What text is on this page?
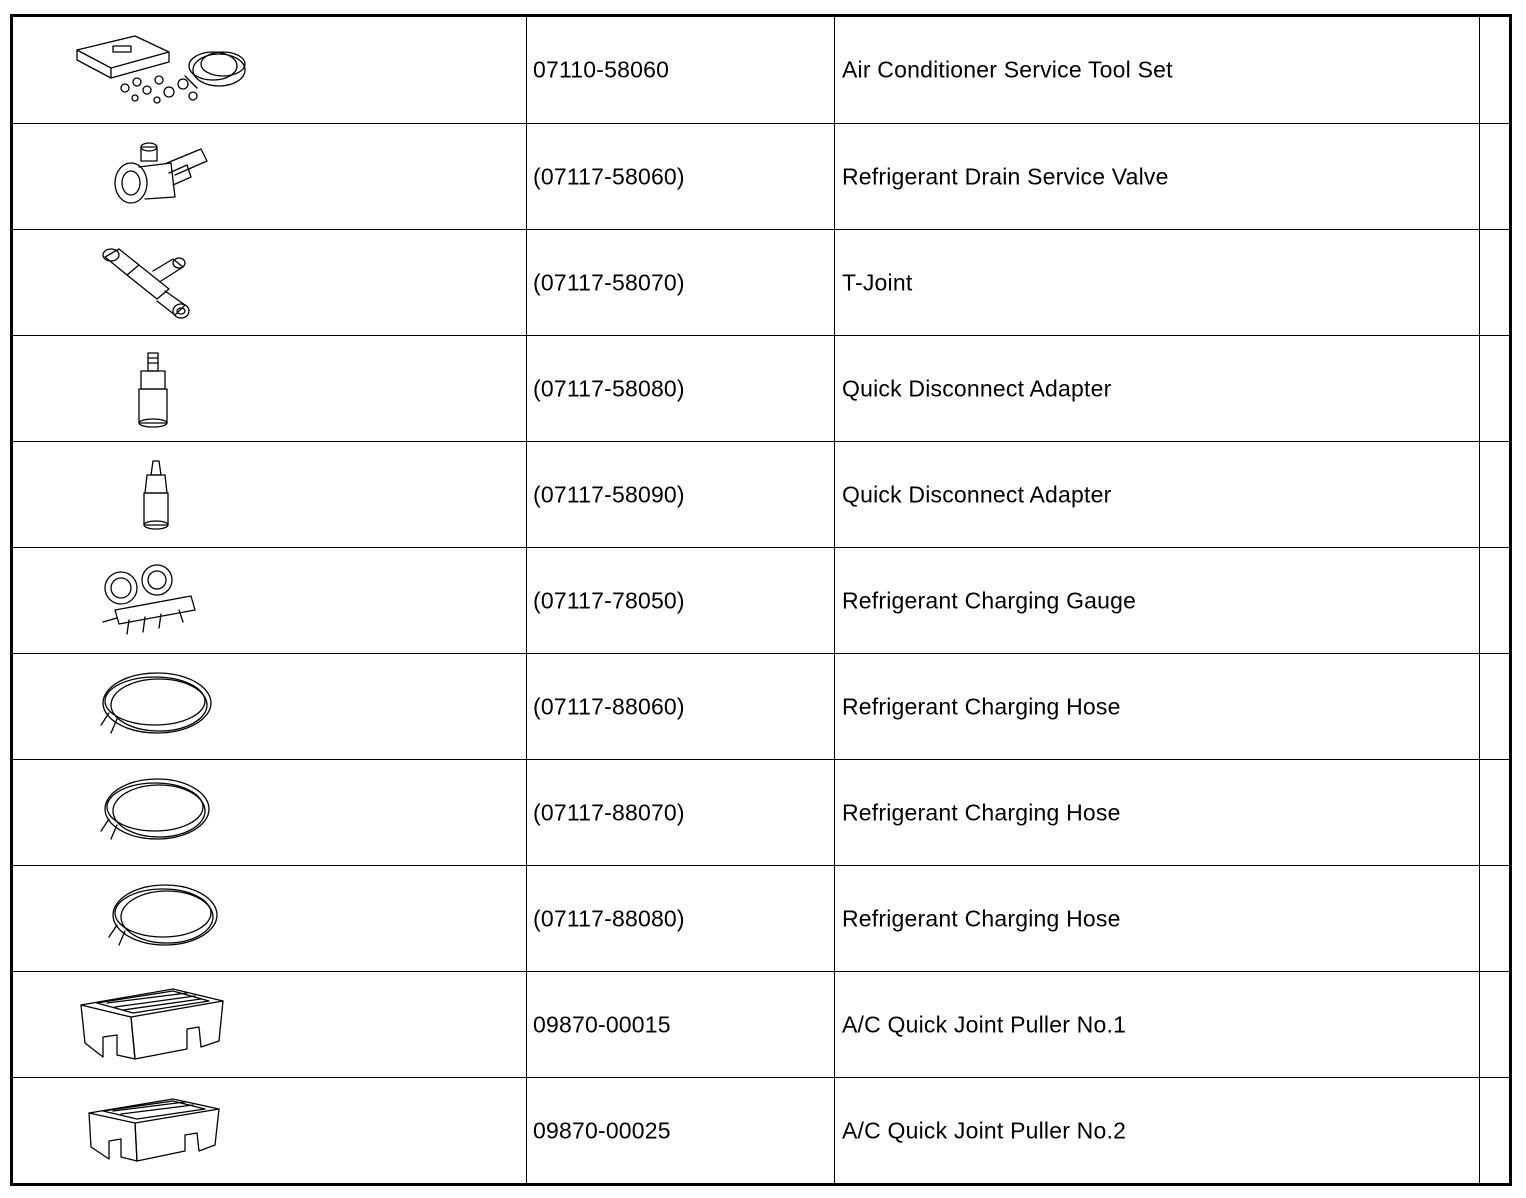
07110-58060	Air Conditioner Service Tool Set
(07117-58060)	Refrigerant Drain Service Valve
(07117-58070)	T-Joint
(07117-58080)	Quick Disconnect Adapter
(07117-58090)	Quick Disconnect Adapter
(07117-78050)	Refrigerant Charging Gauge
(07117-88060)	Refrigerant Charging Hose
(07117-88070)	Refrigerant Charging Hose
(07117-88080)	Refrigerant Charging Hose
09870-00015	A/C Quick Joint Puller No.1
09870-00025	A/C Quick Joint Puller No.2
